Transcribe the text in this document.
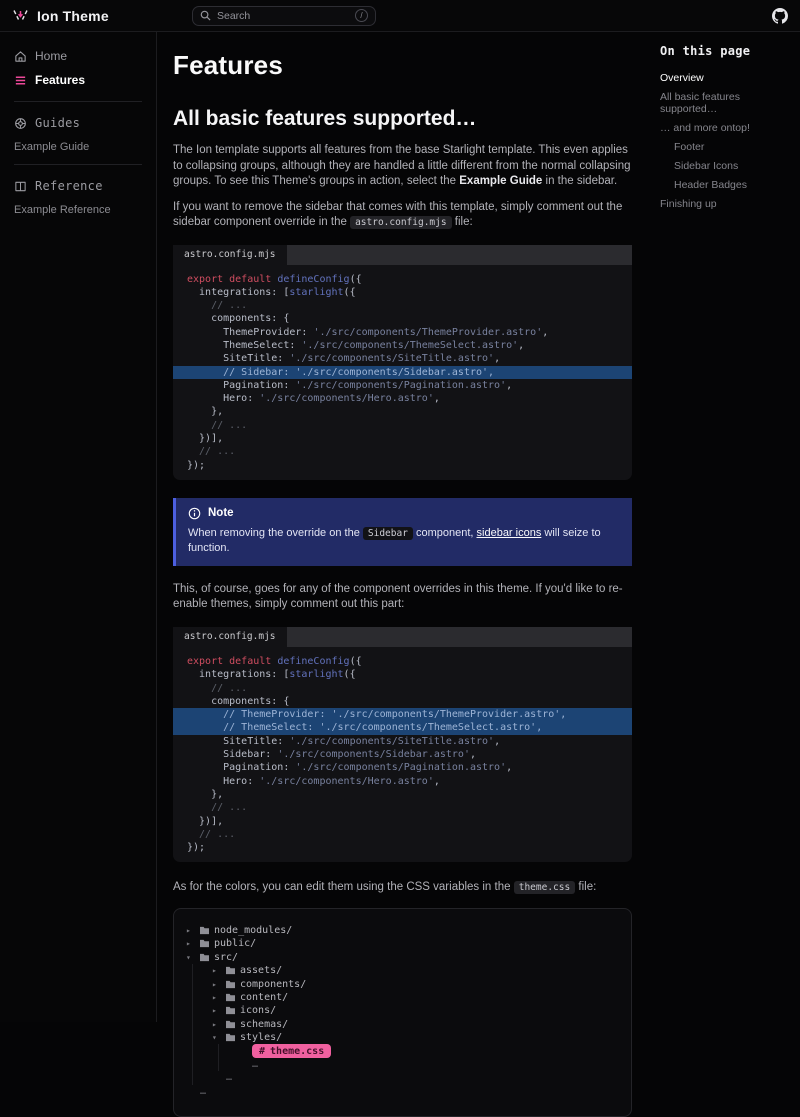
Ion Theme	Search	/
Home
Features
Guides
Example Guide
Reference
Example Reference
Features
All basic features supported…

The Ion template supports all features from the base Starlight template. This even applies to collapsing groups, although they are handled a little different from the normal collapsing groups. To see this Theme's groups in action, select the Example Guide in the sidebar.

If you want to remove the sidebar that comes with this template, simply comment out the sidebar component override in the astro.config.mjs file:

astro.config.mjs
export default defineConfig({
integrations: [starlight({
// ...
components: {
ThemeProvider: './src/components/ThemeProvider.astro',
ThemeSelect: './src/components/ThemeSelect.astro',
SiteTitle: './src/components/SiteTitle.astro',
// Sidebar: './src/components/Sidebar.astro',
Pagination: './src/components/Pagination.astro',
Hero: './src/components/Hero.astro',
},
// ...
})],
// ...
});
Note
When removing the override on the Sidebar component, sidebar icons will seize to function.

This, of course, goes for any of the component overrides in this theme. If you'd like to re-enable themes, simply comment out this part:

astro.config.mjs
export default defineConfig({
integrations: [starlight({
// ...
components: {
// ThemeProvider: './src/components/ThemeProvider.astro',
// ThemeSelect: './src/components/ThemeSelect.astro',
SiteTitle: './src/components/SiteTitle.astro',
Sidebar: './src/components/Sidebar.astro',
Pagination: './src/components/Pagination.astro',
Hero: './src/components/Hero.astro',
},
// ...
})],
// ...
});

As for the colors, you can edit them using the CSS variables in the theme.css file:

▸	node_modules/
▸	public/
▾	src/
▸	assets/
▸	components/
▸	content/
▸	icons/
▸	schemas/
▾	styles/
# theme.css
…
…
…
On this page
Overview
All basic features supported…
… and more ontop!
Footer
Sidebar Icons
Header Badges
Finishing up
